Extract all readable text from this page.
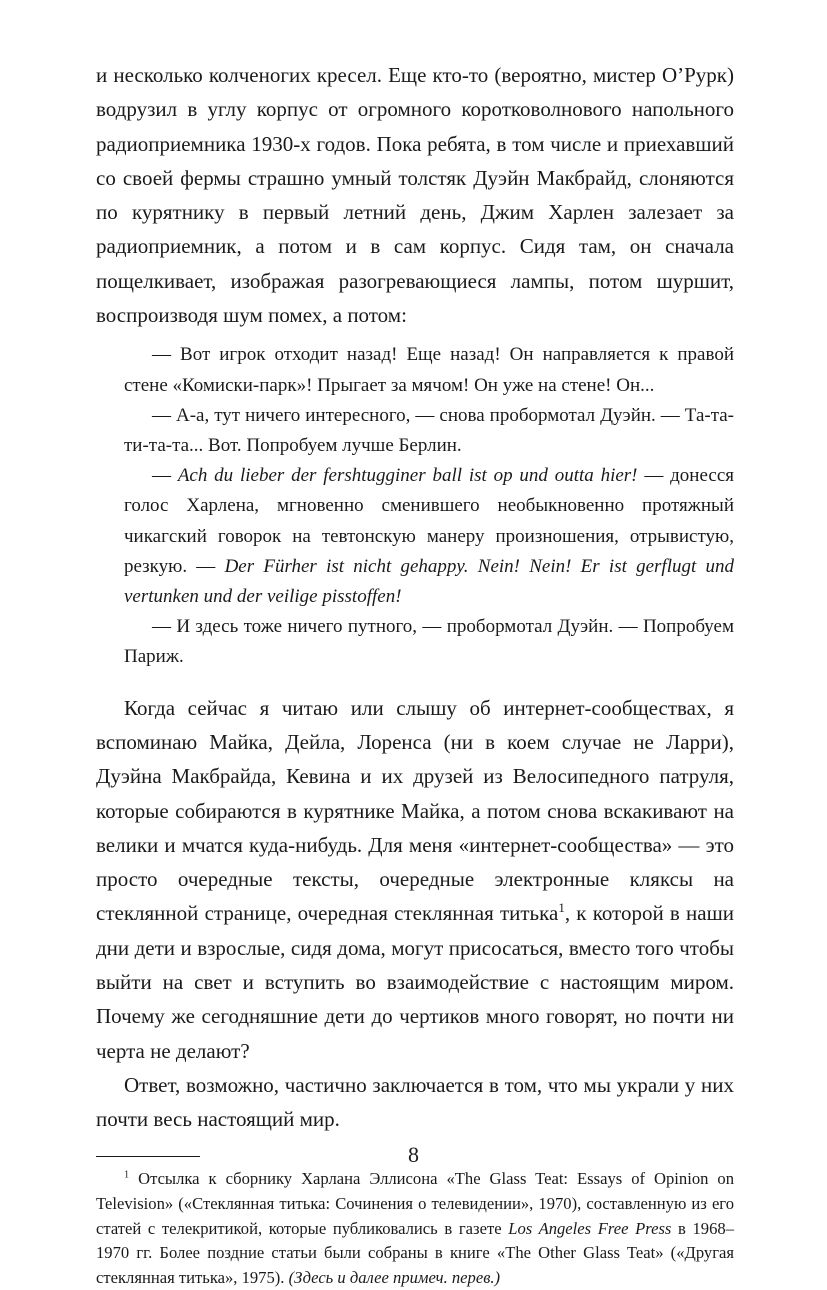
и несколько колченогих кресел. Еще кто-то (вероятно, мистер О’Рурк) водрузил в углу корпус от огромного коротковолнового напольного радиоприемника 1930-х годов. Пока ребята, в том числе и приехавший со своей фермы страшно умный толстяк Дуэйн Макбрайд, слоняются по курятнику в первый летний день, Джим Харлен залезает за радиоприемник, а потом и в сам корпус. Сидя там, он сначала пощелкивает, изображая разогревающиеся лампы, потом шуршит, воспроизводя шум помех, а потом:

— Вот игрок отходит назад! Еще назад! Он направляется к правой стене «Комиски-парк»! Прыгает за мячом! Он уже на стене! Он...

— А-а, тут ничего интересного, — снова пробормотал Дуэйн. — Та-та-ти-та-та... Вот. Попробуем лучше Берлин.

— Ach du lieber der fershtugginer ball ist op und outta hier! — донесся голос Харлена, мгновенно сменившего необыкновенно протяжный чикагский говорок на тевтонскую манеру произношения, отрывистую, резкую. — Der Fürher ist nicht gehappy. Nein! Nein! Er ist gerflugt und vertunken und der veilige pisstoffen!

— И здесь тоже ничего путного, — пробормотал Дуэйн. — Попробуем Париж.

Когда сейчас я читаю или слышу об интернет-сообществах, я вспоминаю Майка, Дейла, Лоренса (ни в коем случае не Ларри), Дуэйна Макбрайда, Кевина и их друзей из Велосипедного патруля, которые собираются в курятнике Майка, а потом снова вскакивают на велики и мчатся куда-нибудь. Для меня «интернет-сообщества» — это просто очередные тексты, очередные электронные кляксы на стеклянной странице, очередная стеклянная титька$^1$, к которой в наши дни дети и взрослые, сидя дома, могут присосаться, вместо того чтобы выйти на свет и вступить во взаимодействие с настоящим миром. Почему же сегодняшние дети до чертиков много говорят, но почти ни черта не делают?

Ответ, возможно, частично заключается в том, что мы украли у них почти весь настоящий мир.

$^1$ Отсылка к сборнику Харлана Эллисона «The Glass Teat: Essays of Opinion on Television» («Стеклянная титька: Сочинения о телевидении», 1970), составленную из его статей с телекритикой, которые публиковались в газете Los Angeles Free Press в 1968–1970 гг. Более поздние статьи были собраны в книге «The Other Glass Teat» («Другая стеклянная титька», 1975). (Здесь и далее примеч. перев.)

8
